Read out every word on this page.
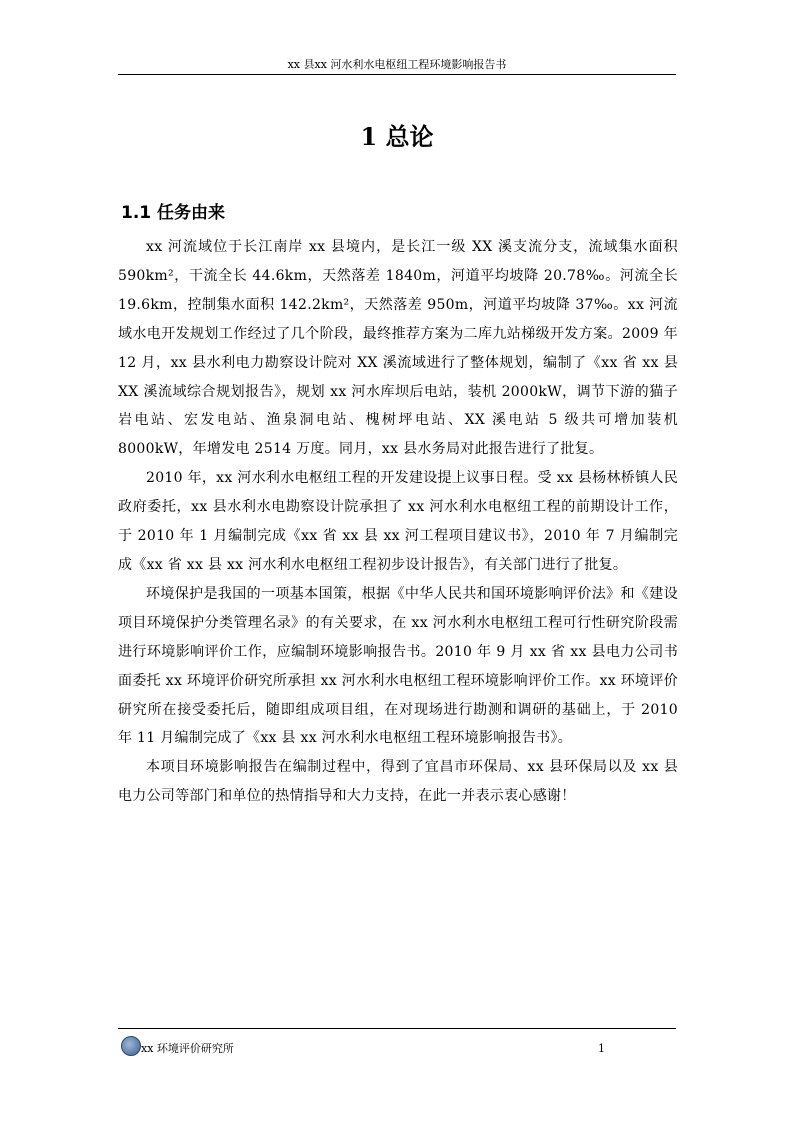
xx 县xx 河水利水电枢纽工程环境影响报告书
1 总论
1.1 任务由来

xx 河流域位于长江南岸 xx 县境内，是长江一级 XX 溪支流分支，流域集水面积 590km²，干流全长 44.6km，天然落差 1840m，河道平均坡降 20.78‰。河流全长 19.6km，控制集水面积 142.2km²，天然落差 950m，河道平均坡降 37‰。xx 河流域水电开发规划工作经过了几个阶段，最终推荐方案为二库九站梯级开发方案。2009 年 12 月，xx 县水利电力勘察设计院对 XX 溪流域进行了整体规划，编制了《xx 省 xx 县 XX 溪流域综合规划报告》，规划 xx 河水库坝后电站，装机 2000kW，调节下游的猫子岩电站、宏发电站、渔泉洞电站、槐树坪电站、XX 溪电站 5 级共可增加装机 8000kW，年增发电 2514 万度。同月，xx 县水务局对此报告进行了批复。

2010 年，xx 河水利水电枢纽工程的开发建设提上议事日程。受 xx 县杨林桥镇人民政府委托，xx 县水利水电勘察设计院承担了 xx 河水利水电枢纽工程的前期设计工作，于 2010 年 1 月编制完成《xx 省 xx 县 xx 河工程项目建议书》，2010 年 7 月编制完成《xx 省 xx 县 xx 河水利水电枢纽工程初步设计报告》，有关部门进行了批复。

环境保护是我国的一项基本国策，根据《中华人民共和国环境影响评价法》和《建设项目环境保护分类管理名录》的有关要求，在 xx 河水利水电枢纽工程可行性研究阶段需进行环境影响评价工作，应编制环境影响报告书。2010 年 9 月 xx 省 xx 县电力公司书面委托 xx 环境评价研究所承担 xx 河水利水电枢纽工程环境影响评价工作。xx 环境评价研究所在接受委托后，随即组成项目组，在对现场进行勘测和调研的基础上，于 2010 年 11 月编制完成了《xx 县 xx 河水利水电枢纽工程环境影响报告书》。

本项目环境影响报告在编制过程中，得到了宜昌市环保局、xx 县环保局以及 xx 县电力公司等部门和单位的热情指导和大力支持，在此一并表示衷心感谢！

xx 环境评价研究所	1
